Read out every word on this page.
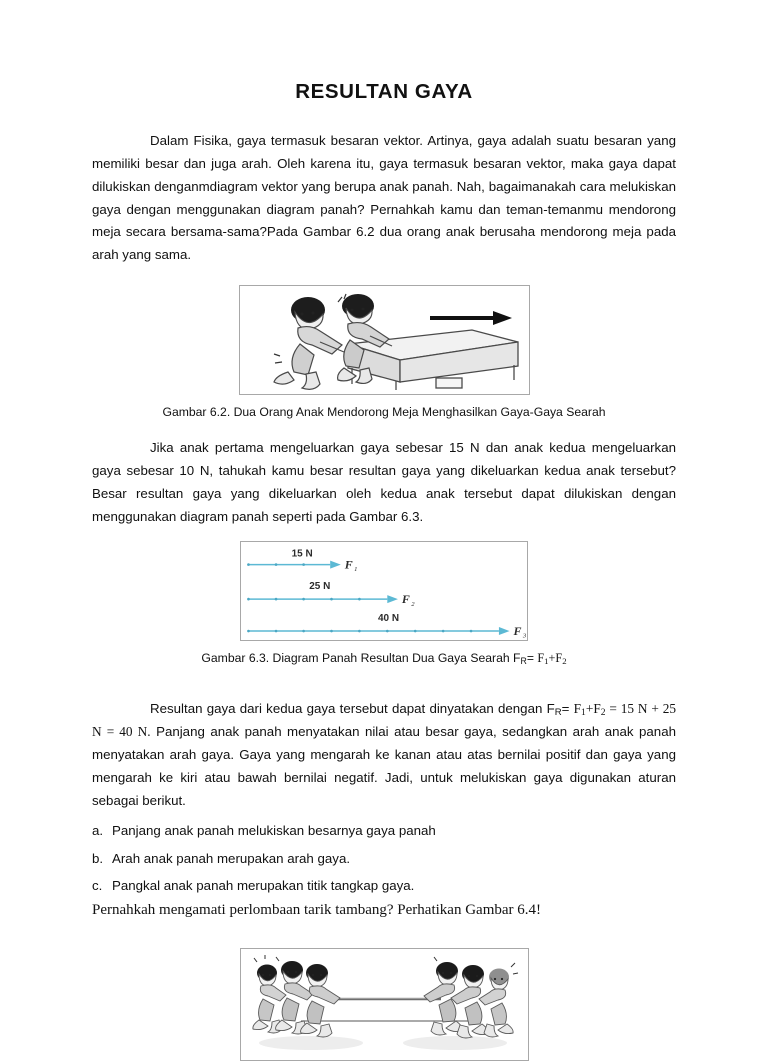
RESULTAN GAYA

Dalam Fisika, gaya termasuk besaran vektor. Artinya, gaya adalah suatu besaran yang memiliki besar dan juga arah. Oleh karena itu, gaya termasuk besaran vektor, maka gaya dapat dilukiskan denganmdiagram vektor yang berupa anak panah. Nah, bagaimanakah cara melukiskan gaya dengan menggunakan diagram panah? Pernahkah kamu dan teman-temanmu mendorong meja secara bersama-sama?Pada Gambar 6.2 dua orang anak berusaha mendorong meja pada arah yang sama.

Gambar 6.2. Dua Orang Anak Mendorong Meja Menghasilkan Gaya-Gaya Searah

Jika anak pertama mengeluarkan gaya sebesar 15 N dan anak kedua mengeluarkan gaya sebesar 10 N, tahukah kamu besar resultan gaya yang dikeluarkan kedua anak tersebut? Besar resultan gaya yang dikeluarkan oleh kedua anak tersebut dapat dilukiskan dengan menggunakan diagram panah seperti pada Gambar 6.3.

15 N
F 1
25 N
F 2
40 N
F 3

Gambar 6.3. Diagram Panah Resultan Dua Gaya Searah $F_R= F_1+F_2$

Resultan gaya dari kedua gaya tersebut dapat dinyatakan dengan $F_R= F_1+F_2 = 15$ N + 25 N = 40 N. Panjang anak panah menyatakan nilai atau besar gaya, sedangkan arah anak panah menyatakan arah gaya. Gaya yang mengarah ke kanan atau atas bernilai positif dan gaya yang mengarah ke kiri atau bawah bernilai negatif. Jadi, untuk melukiskan gaya digunakan aturan sebagai berikut.

a. Panjang anak panah melukiskan besarnya gaya panah
b. Arah anak panah merupakan arah gaya.
c. Pangkal anak panah merupakan titik tangkap gaya.

Pernahkah mengamati perlombaan tarik tambang? Perhatikan Gambar 6.4!
